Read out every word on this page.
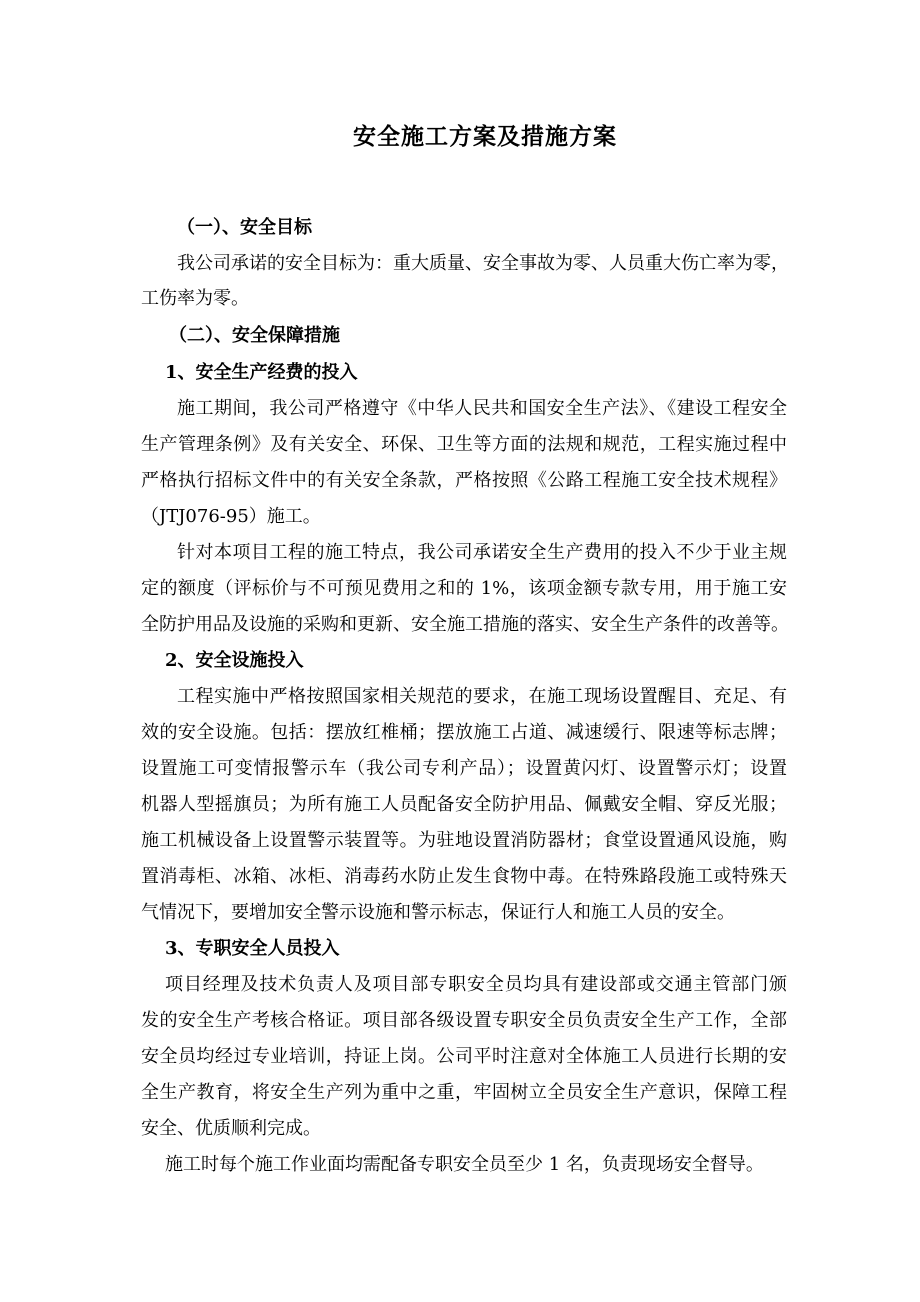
安全施工方案及措施方案
（一）、安全目标
我公司承诺的安全目标为：重大质量、安全事故为零、人员重大伤亡率为零，
工伤率为零。
（二）、安全保障措施
1、安全生产经费的投入
施工期间，我公司严格遵守《中华人民共和国安全生产法》、《建设工程安全
生产管理条例》及有关安全、环保、卫生等方面的法规和规范，工程实施过程中
严格执行招标文件中的有关安全条款，严格按照《公路工程施工安全技术规程》
（JTJ076-95）施工。
针对本项目工程的施工特点，我公司承诺安全生产费用的投入不少于业主规
定的额度（评标价与不可预见费用之和的 1%，该项金额专款专用，用于施工安
全防护用品及设施的采购和更新、安全施工措施的落实、安全生产条件的改善等。
2、安全设施投入
工程实施中严格按照国家相关规范的要求，在施工现场设置醒目、充足、有
效的安全设施。包括：摆放红椎桶；摆放施工占道、减速缓行、限速等标志牌；
设置施工可变情报警示车（我公司专利产品）；设置黄闪灯、设置警示灯；设置
机器人型摇旗员；为所有施工人员配备安全防护用品、佩戴安全帽、穿反光服；
施工机械设备上设置警示装置等。为驻地设置消防器材；食堂设置通风设施，购
置消毒柜、冰箱、冰柜、消毒药水防止发生食物中毒。在特殊路段施工或特殊天
气情况下，要增加安全警示设施和警示标志，保证行人和施工人员的安全。
3、专职安全人员投入
项目经理及技术负责人及项目部专职安全员均具有建设部或交通主管部门颁
发的安全生产考核合格证。项目部各级设置专职安全员负责安全生产工作，全部
安全员均经过专业培训，持证上岗。公司平时注意对全体施工人员进行长期的安
全生产教育，将安全生产列为重中之重，牢固树立全员安全生产意识，保障工程
安全、优质顺利完成。
施工时每个施工作业面均需配备专职安全员至少 1 名，负责现场安全督导。
